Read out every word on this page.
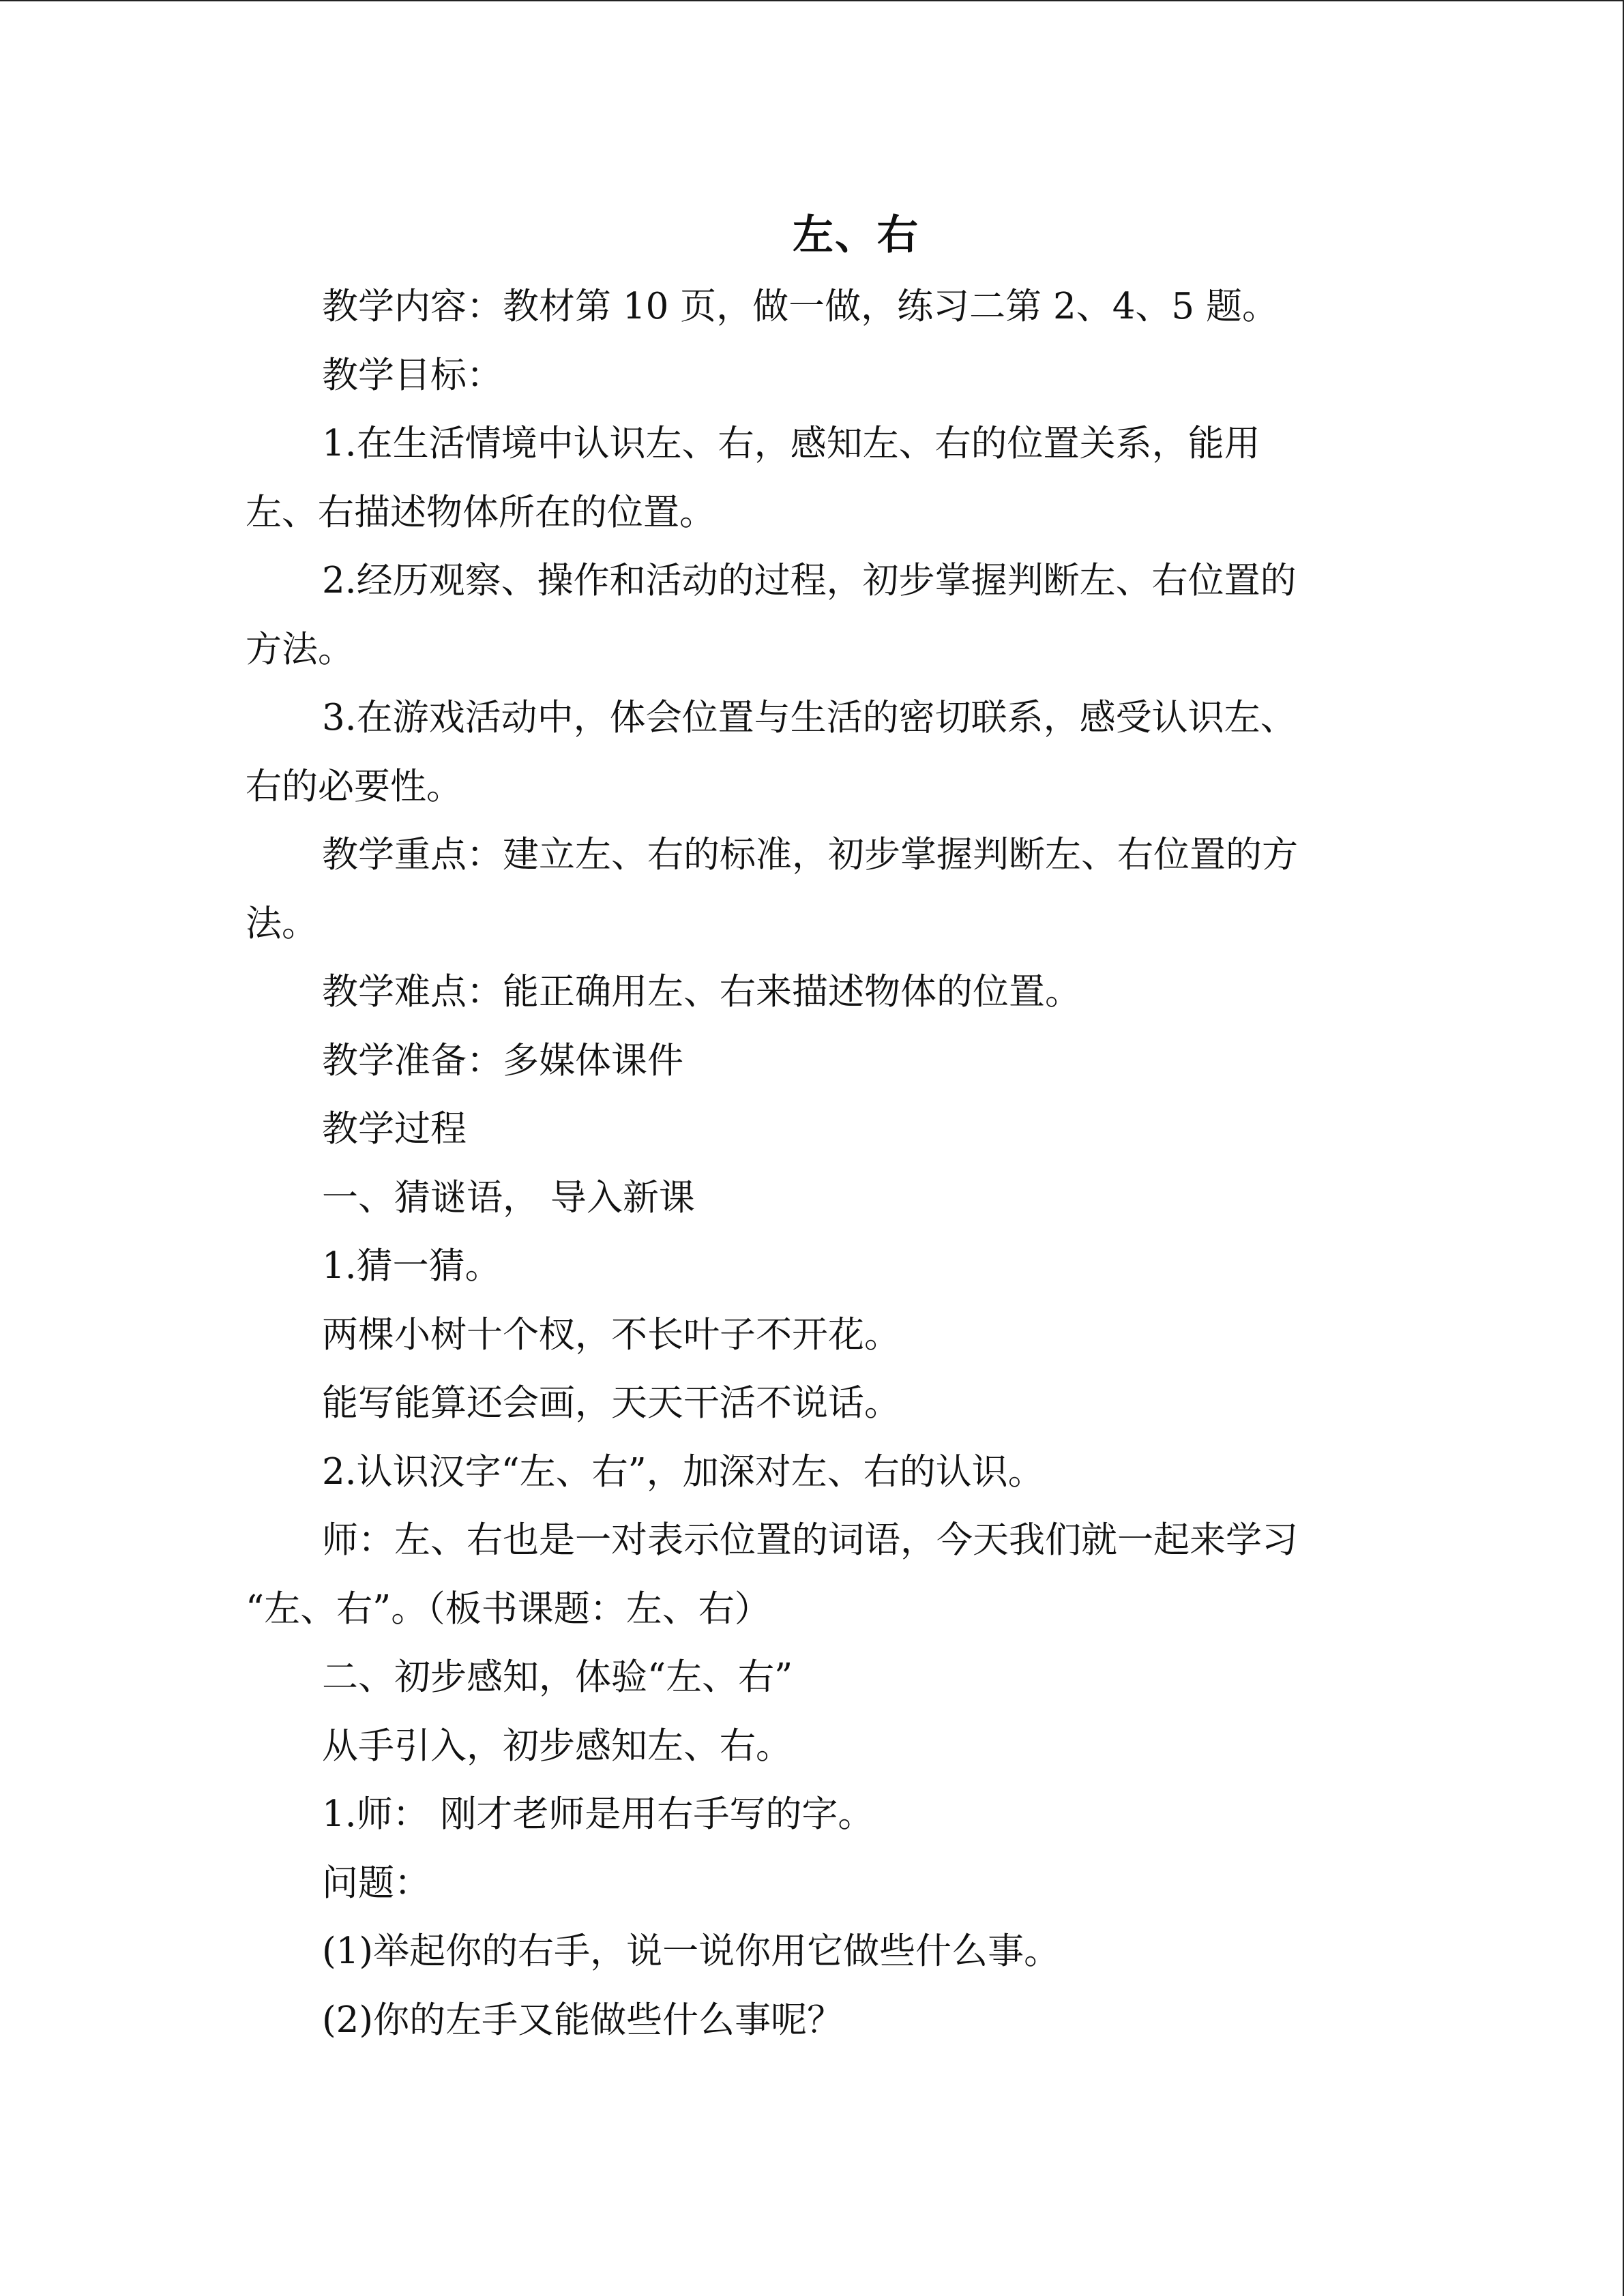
左、右
教学内容：教材第 10 页，做一做，练习二第 2、4、5 题。
教学目标：
1.在生活情境中认识左、右，感知左、右的位置关系，能用
左、右描述物体所在的位置。
2.经历观察、操作和活动的过程，初步掌握判断左、右位置的
方法。
3.在游戏活动中，体会位置与生活的密切联系，感受认识左、
右的必要性。
教学重点：建立左、右的标准，初步掌握判断左、右位置的方
法。
教学难点：能正确用左、右来描述物体的位置。
教学准备：多媒体课件
教学过程
一、猜谜语， 导入新课
1.猜一猜。
两棵小树十个杈，不长叶子不开花。
能写能算还会画，天天干活不说话。
2.认识汉字“左、右”，加深对左、右的认识。
师：左、右也是一对表示位置的词语，今天我们就一起来学习
“左、右”。（板书课题：左、右）
二、初步感知，体验“左、右”
从手引入，初步感知左、右。
1.师： 刚才老师是用右手写的字。
问题：
(1)举起你的右手，说一说你用它做些什么事。
(2)你的左手又能做些什么事呢？
